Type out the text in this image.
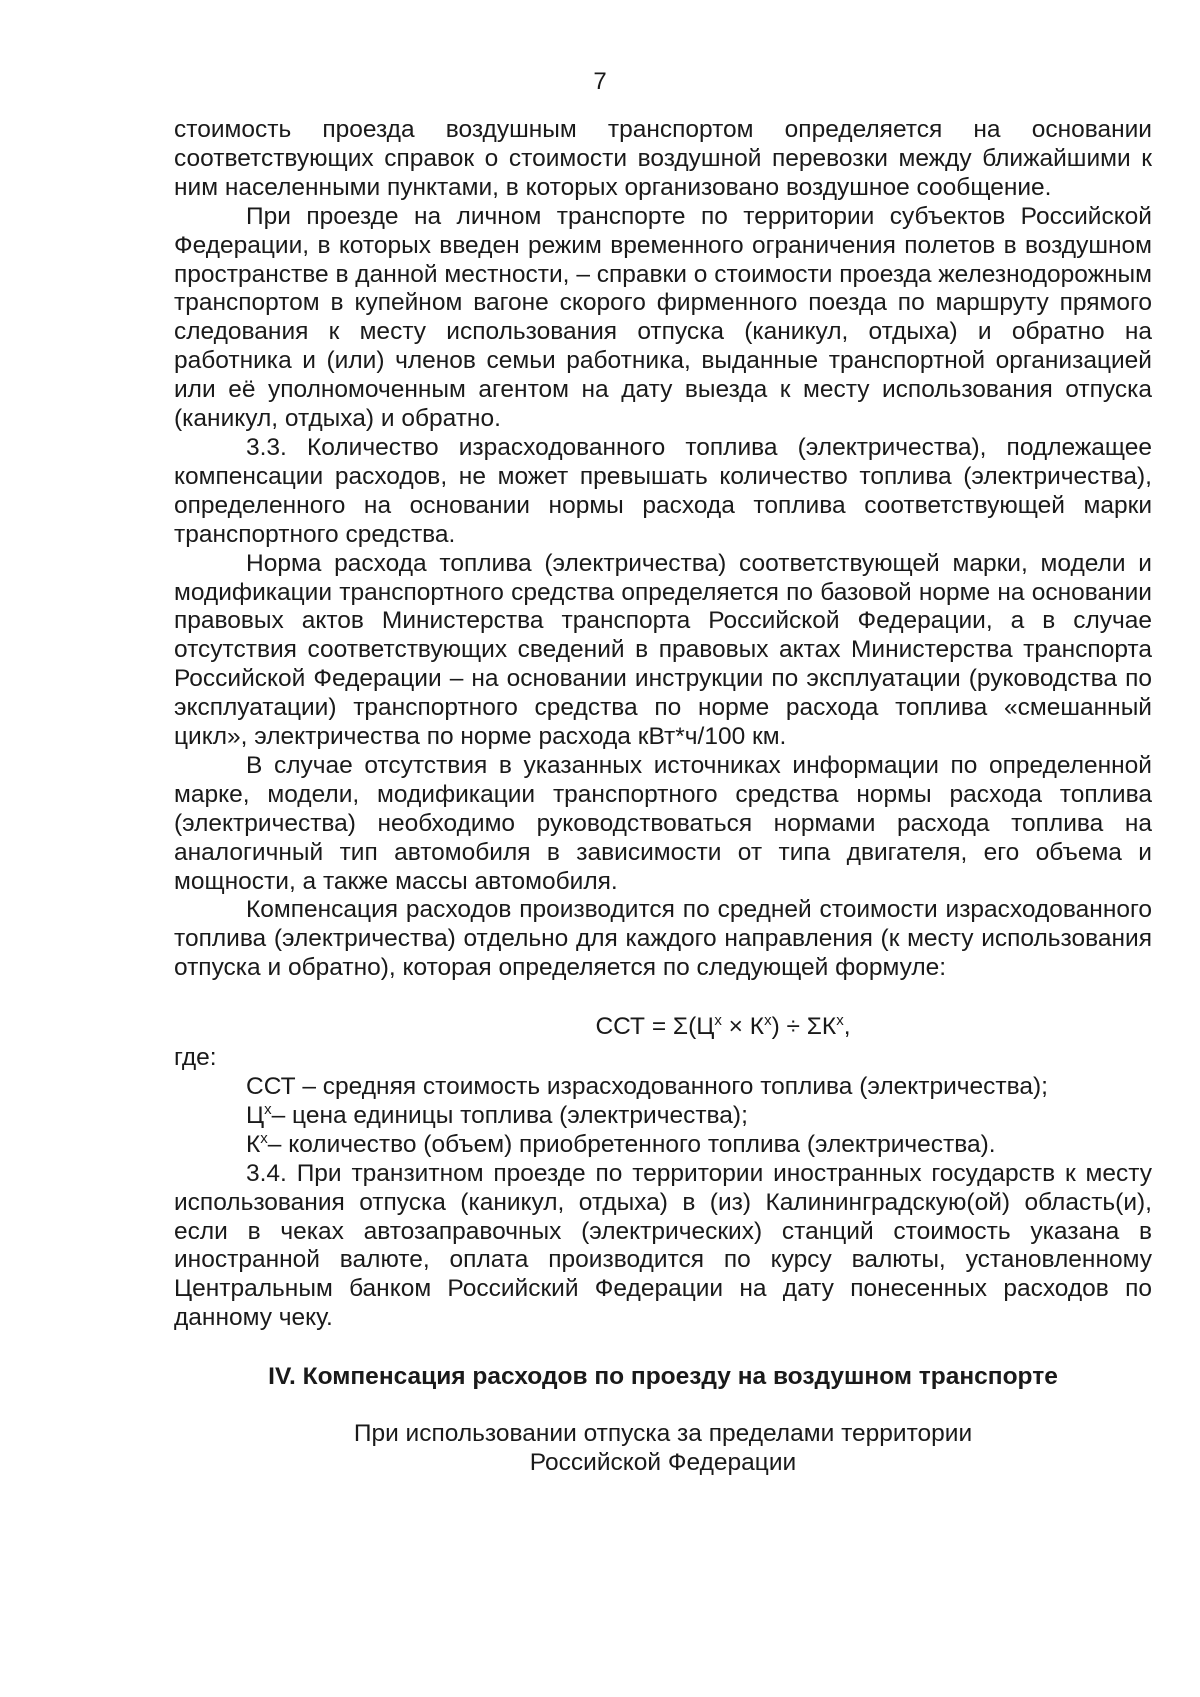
7

стоимость проезда воздушным транспортом определяется на основании соответствующих справок о стоимости воздушной перевозки между ближайшими к ним населенными пунктами, в которых организовано воздушное сообщение.

При проезде на личном транспорте по территории субъектов Российской Федерации, в которых введен режим временного ограничения полетов в воздушном пространстве в данной местности, – справки о стоимости проезда железнодорожным транспортом в купейном вагоне скорого фирменного поезда по маршруту прямого следования к месту использования отпуска (каникул, отдыха) и обратно на работника и (или) членов семьи работника, выданные транспортной организацией или её уполномоченным агентом на дату выезда к месту использования отпуска (каникул, отдыха) и обратно.

3.3. Количество израсходованного топлива (электричества), подлежащее компенсации расходов, не может превышать количество топлива (электричества), определенного на основании нормы расхода топлива соответствующей марки транспортного средства.

Норма расхода топлива (электричества) соответствующей марки, модели и модификации транспортного средства определяется по базовой норме на основании правовых актов Министерства транспорта Российской Федерации, а в случае отсутствия соответствующих сведений в правовых актах Министерства транспорта Российской Федерации – на основании инструкции по эксплуатации (руководства по эксплуатации) транспортного средства по норме расхода топлива «смешанный цикл», электричества по норме расхода кВт*ч/100 км.

В случае отсутствия в указанных источниках информации по определенной марке, модели, модификации транспортного средства нормы расхода топлива (электричества) необходимо руководствоваться нормами расхода топлива на аналогичный тип автомобиля в зависимости от типа двигателя, его объема и мощности, а также массы автомобиля.

Компенсация расходов производится по средней стоимости израсходованного топлива (электричества) отдельно для каждого направления (к месту использования отпуска и обратно), которая определяется по следующей формуле:

ССТ = $\Sigma(Ц^x \times К^x) \div \Sigma К^x$,

где:

ССТ – средняя стоимость израсходованного топлива (электричества);

$Ц^x-$ цена единицы топлива (электричества);

$К^x-$ количество (объем) приобретенного топлива (электричества).

3.4. При транзитном проезде по территории иностранных государств к месту использования отпуска (каникул, отдыха) в (из) Калининградскую(ой) область(и), если в чеках автозаправочных (электрических) станций стоимость указана в иностранной валюте, оплата производится по курсу валюты, установленному Центральным банком Российский Федерации на дату понесенных расходов по данному чеку.

IV. Компенсация расходов по проезду на воздушном транспорте

При использовании отпуска за пределами территории
Российской Федерации
